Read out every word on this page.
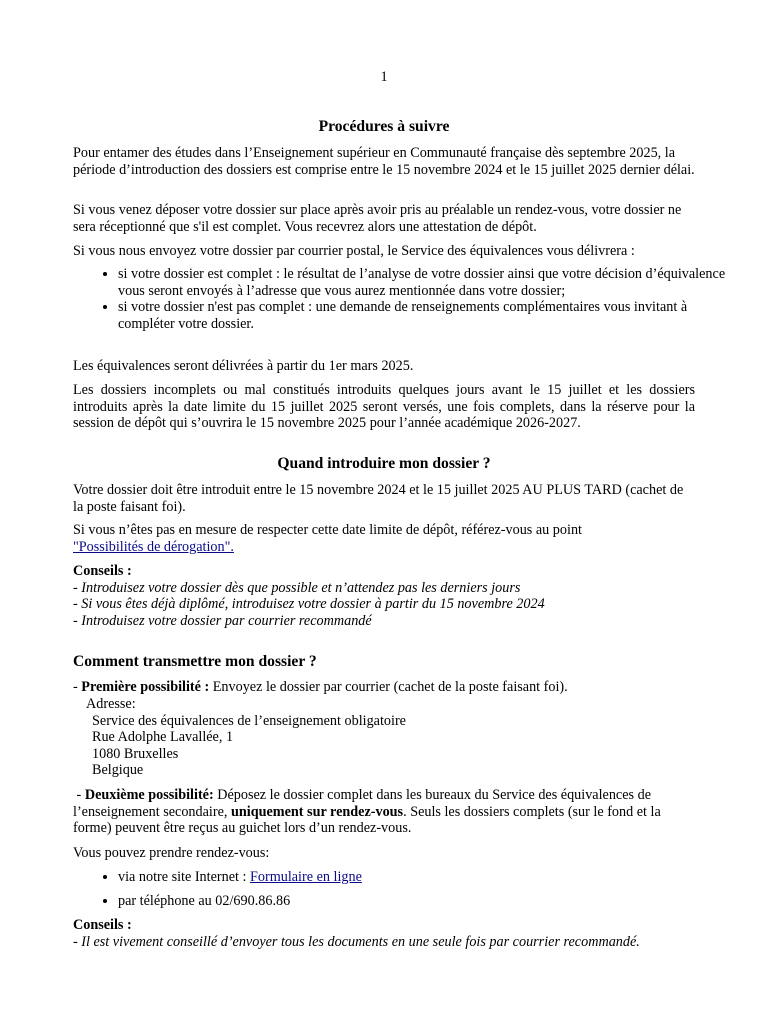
1
Procédures à suivre

Pour entamer des études dans l’Enseignement supérieur en Communauté française dès septembre 2025, la période d’introduction des dossiers est comprise entre le 15 novembre 2024 et le 15 juillet 2025 dernier délai.

Si vous venez déposer votre dossier sur place après avoir pris au préalable un rendez-vous, votre dossier ne sera réceptionné que s'il est complet. Vous recevrez alors une attestation de dépôt.

Si vous nous envoyez votre dossier par courrier postal, le Service des équivalences vous délivrera :

• si votre dossier est complet : le résultat de l’analyse de votre dossier ainsi que votre décision d’équivalence vous seront envoyés à l’adresse que vous aurez mentionnée dans votre dossier;
• si votre dossier n'est pas complet : une demande de renseignements complémentaires vous invitant à compléter votre dossier.

Les équivalences seront délivrées à partir du 1er mars 2025.

Les dossiers incomplets ou mal constitués introduits quelques jours avant le 15 juillet et les dossiers introduits après la date limite du 15 juillet 2025 seront versés, une fois complets, dans la réserve pour la session de dépôt qui s’ouvrira le 15 novembre 2025 pour l’année académique 2026-2027.

Quand introduire mon dossier ?

Votre dossier doit être introduit entre le 15 novembre 2024 et le 15 juillet 2025 AU PLUS TARD (cachet de la poste faisant foi).

Si vous n’êtes pas en mesure de respecter cette date limite de dépôt, référez-vous au point
"Possibilités de dérogation".

Conseils :
- Introduisez votre dossier dès que possible et n’attendez pas les derniers jours
- Si vous êtes déjà diplômé, introduisez votre dossier à partir du 15 novembre 2024
- Introduisez votre dossier par courrier recommandé
Comment transmettre mon dossier ?

- Première possibilité : Envoyez le dossier par courrier (cachet de la poste faisant foi).

Adresse:
Service des équivalences de l’enseignement obligatoire
Rue Adolphe Lavallée, 1
1080 Bruxelles
Belgique

- Deuxième possibilité: Déposez le dossier complet dans les bureaux du Service des équivalences de l’enseignement secondaire, uniquement sur rendez-vous. Seuls les dossiers complets (sur le fond et la forme) peuvent être reçus au guichet lors d’un rendez-vous.

Vous pouvez prendre rendez-vous:

• via notre site Internet : Formulaire en ligne
• par téléphone au 02/690.86.86
Conseils :
- Il est vivement conseillé d’envoyer tous les documents en une seule fois par courrier recommandé.
